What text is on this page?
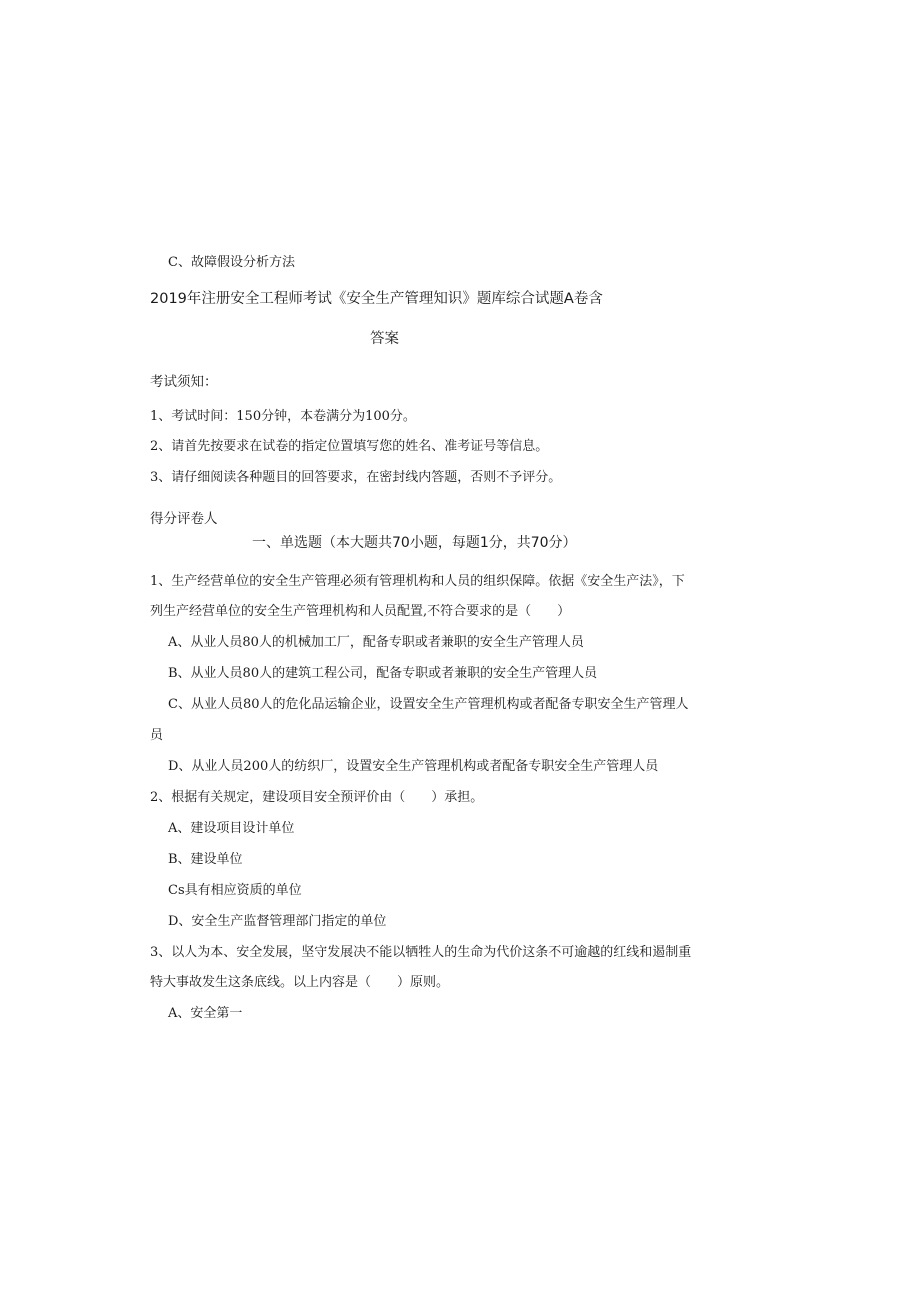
C、故障假设分析方法
2019年注册安全工程师考试《安全生产管理知识》题库综合试题A卷含
答案
考试须知：
1、考试时间：150分钟，本卷满分为100分。
2、请首先按要求在试卷的指定位置填写您的姓名、准考证号等信息。
3、请仔细阅读各种题目的回答要求，在密封线内答题，否则不予评分。
得分评卷人
一、单选题（本大题共70小题，每题1分，共70分）
1、生产经营单位的安全生产管理必须有管理机构和人员的组织保障。依据《安全生产法》，下
列生产经营单位的安全生产管理机构和人员配置,不符合要求的是（　　）
A、从业人员80人的机械加工厂，配备专职或者兼职的安全生产管理人员
B、从业人员80人的建筑工程公司，配备专职或者兼职的安全生产管理人员
C、从业人员80人的危化品运输企业，设置安全生产管理机构或者配备专职安全生产管理人
员
D、从业人员200人的纺织厂，设置安全生产管理机构或者配备专职安全生产管理人员
2、根据有关规定，建设项目安全预评价由（　　）承担。
A、建设项目设计单位
B、建设单位
Cs具有相应资质的单位
D、安全生产监督管理部门指定的单位
3、以人为本、安全发展，坚守发展决不能以牺牲人的生命为代价这条不可逾越的红线和遏制重
特大事故发生这条底线。以上内容是（　　）原则。
A、安全第一
